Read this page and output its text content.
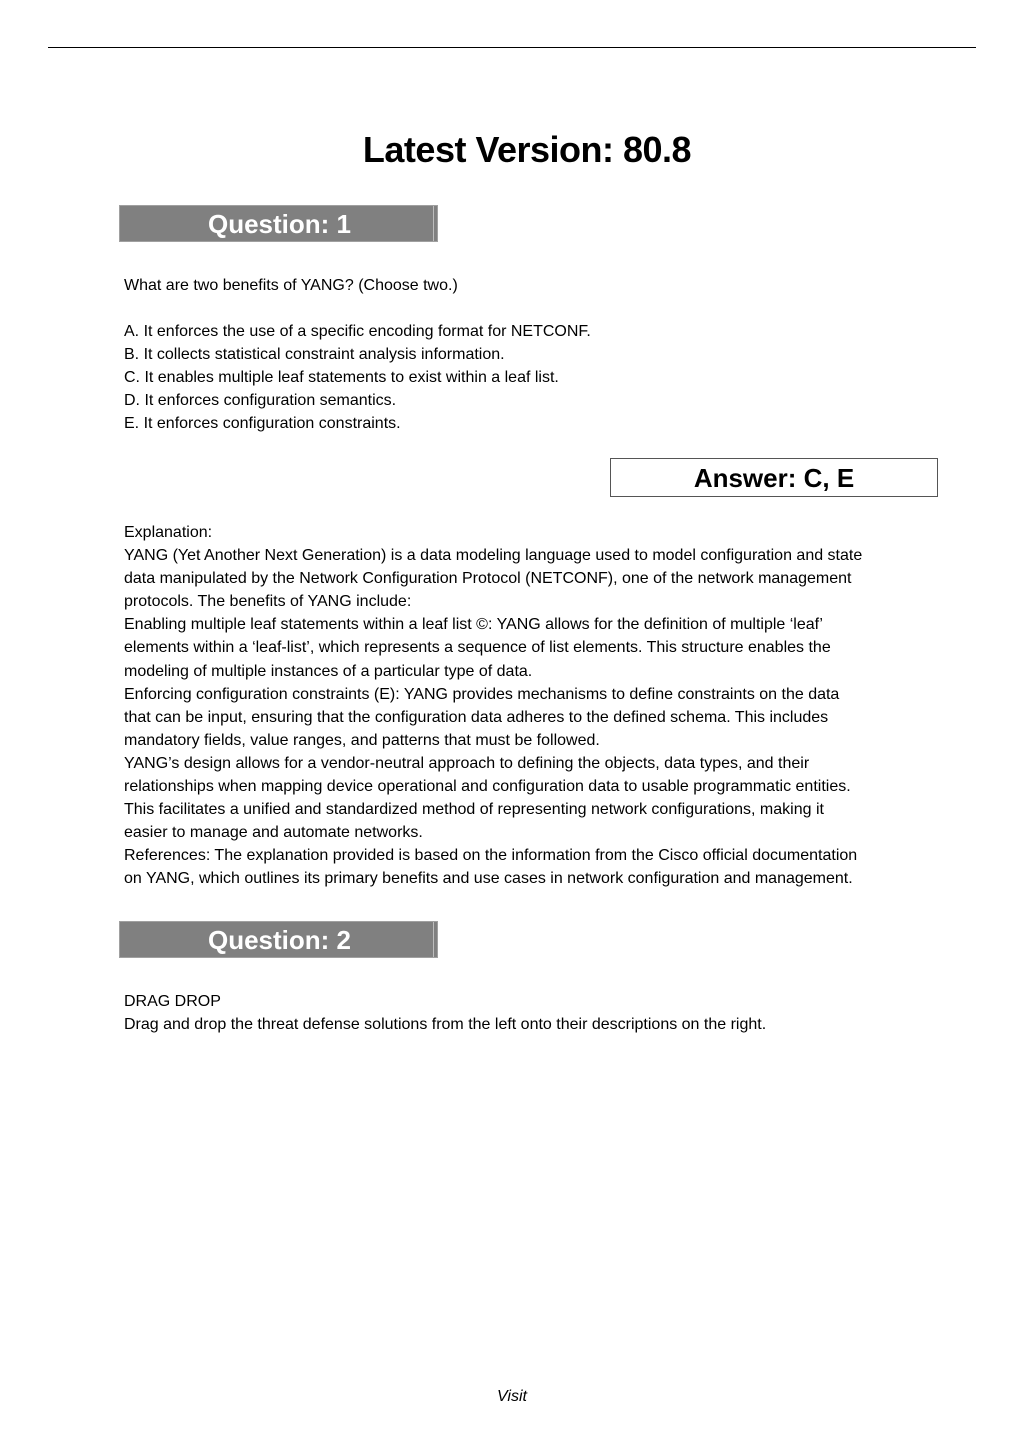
Latest Version: 80.8
Question: 1
What are two benefits of YANG? (Choose two.)
A. It enforces the use of a specific encoding format for NETCONF.
B. It collects statistical constraint analysis information.
C. It enables multiple leaf statements to exist within a leaf list.
D. It enforces configuration semantics.
E. It enforces configuration constraints.
Answer: C, E
Explanation:
YANG (Yet Another Next Generation) is a data modeling language used to model configuration and state
data manipulated by the Network Configuration Protocol (NETCONF), one of the network management
protocols. The benefits of YANG include:
Enabling multiple leaf statements within a leaf list ©: YANG allows for the definition of multiple ‘leaf’
elements within a ‘leaf-list’, which represents a sequence of list elements. This structure enables the
modeling of multiple instances of a particular type of data.
Enforcing configuration constraints (E): YANG provides mechanisms to define constraints on the data
that can be input, ensuring that the configuration data adheres to the defined schema. This includes
mandatory fields, value ranges, and patterns that must be followed.
YANG’s design allows for a vendor-neutral approach to defining the objects, data types, and their
relationships when mapping device operational and configuration data to usable programmatic entities.
This facilitates a unified and standardized method of representing network configurations, making it
easier to manage and automate networks.
References: The explanation provided is based on the information from the Cisco official documentation
on YANG, which outlines its primary benefits and use cases in network configuration and management.
Question: 2
DRAG DROP
Drag and drop the threat defense solutions from the left onto their descriptions on the right.
Visit
